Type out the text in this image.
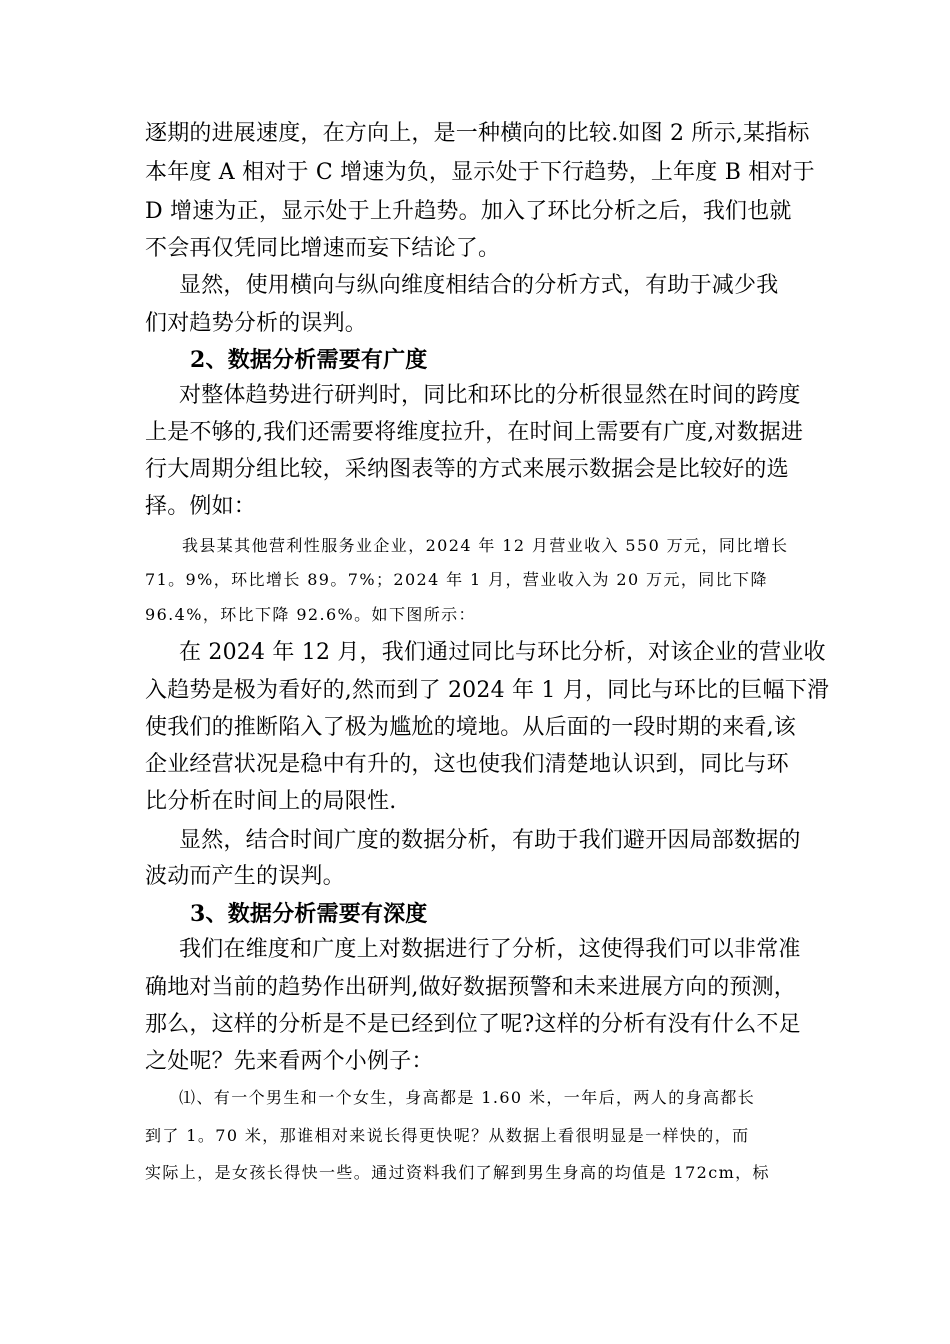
逐期的进展速度，在方向上，是一种横向的比较.如图 2 所示,某指标
本年度 A 相对于 C 增速为负，显示处于下行趋势，上年度 B 相对于
D 增速为正，显示处于上升趋势。加入了环比分析之后，我们也就
不会再仅凭同比增速而妄下结论了。
显然，使用横向与纵向维度相结合的分析方式，有助于减少我
们对趋势分析的误判。
2、数据分析需要有广度
对整体趋势进行研判时，同比和环比的分析很显然在时间的跨度
上是不够的,我们还需要将维度拉升，在时间上需要有广度,对数据进
行大周期分组比较，采纳图表等的方式来展示数据会是比较好的选
择。例如：
我县某其他营利性服务业企业，2024 年 12 月营业收入 550 万元，同比增长
71。9%，环比增长 89。7%；2024 年 1 月，营业收入为 20 万元，同比下降
96.4%，环比下降 92.6%。如下图所示：
在 2024 年 12 月，我们通过同比与环比分析，对该企业的营业收
入趋势是极为看好的,然而到了 2024 年 1 月，同比与环比的巨幅下滑
使我们的推断陷入了极为尴尬的境地。从后面的一段时期的来看,该
企业经营状况是稳中有升的，这也使我们清楚地认识到，同比与环
比分析在时间上的局限性.
显然，结合时间广度的数据分析，有助于我们避开因局部数据的
波动而产生的误判。
3、数据分析需要有深度
我们在维度和广度上对数据进行了分析，这使得我们可以非常准
确地对当前的趋势作出研判,做好数据预警和未来进展方向的预测，
那么，这样的分析是不是已经到位了呢?这样的分析有没有什么不足
之处呢？先来看两个小例子：
⑴、有一个男生和一个女生，身高都是 1.60 米，一年后，两人的身高都长
到了 1。70 米，那谁相对来说长得更快呢？从数据上看很明显是一样快的，而
实际上，是女孩长得快一些。通过资料我们了解到男生身高的均值是 172cm，标
